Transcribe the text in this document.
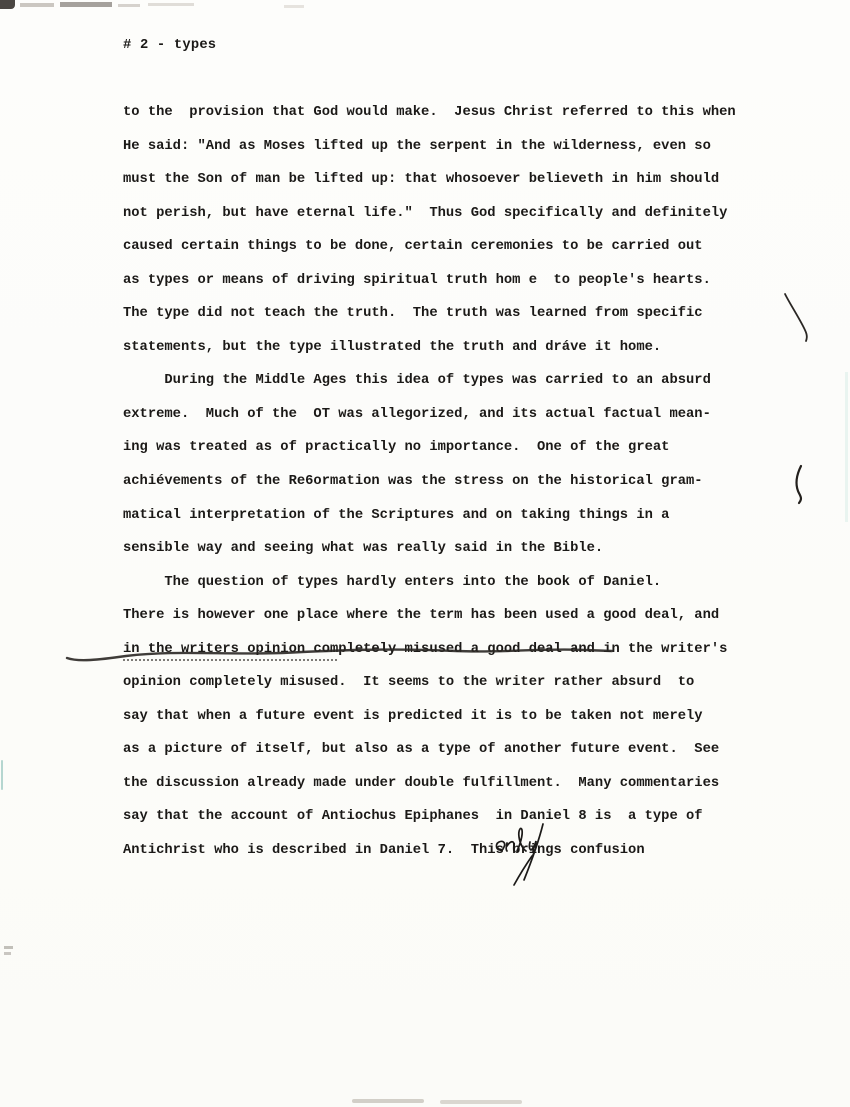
# 2 - types
to the  provision that God would make.  Jesus Christ referred to this when
He said: "And as Moses lifted up the serpent in the wilderness, even so
must the Son of man be lifted up: that whosoever believeth in him should
not perish, but have eternal life."  Thus God specifically and definitely
caused certain things to be done, certain ceremonies to be carried out
as types or means of driving spiritual truth hom e  to people's hearts.
The type did not teach the truth.  The truth was learned from specific
statements, but the type illustrated the truth and dráve it home.
During the Middle Ages this idea of types was carried to an absurd
extreme.  Much of the  OT was allegorized, and its actual factual mean-
ing was treated as of practically no importance.  One of the great
achiévements of the Re6ormation was the stress on the historical gram-
matical interpretation of the Scriptures and on taking things in a
sensible way and seeing what was really said in the Bible.
The question of types hardly enters into the book of Daniel.
There is however one place where the term has been used a good deal, and
in the writers opinion completely misused a good deal and in the writer's
opinion completely misused.  It seems to the writer rather absurd  to
say that when a future event is predicted it is to be taken not merely
as a picture of itself, but also as a type of another future event.  See
the discussion already made under double fulfillment.  Many commentaries
say that the account of Antiochus Epiphanes  in Daniel 8 is  a type of
Antichrist who is described in Daniel 7.  This brings confusion
